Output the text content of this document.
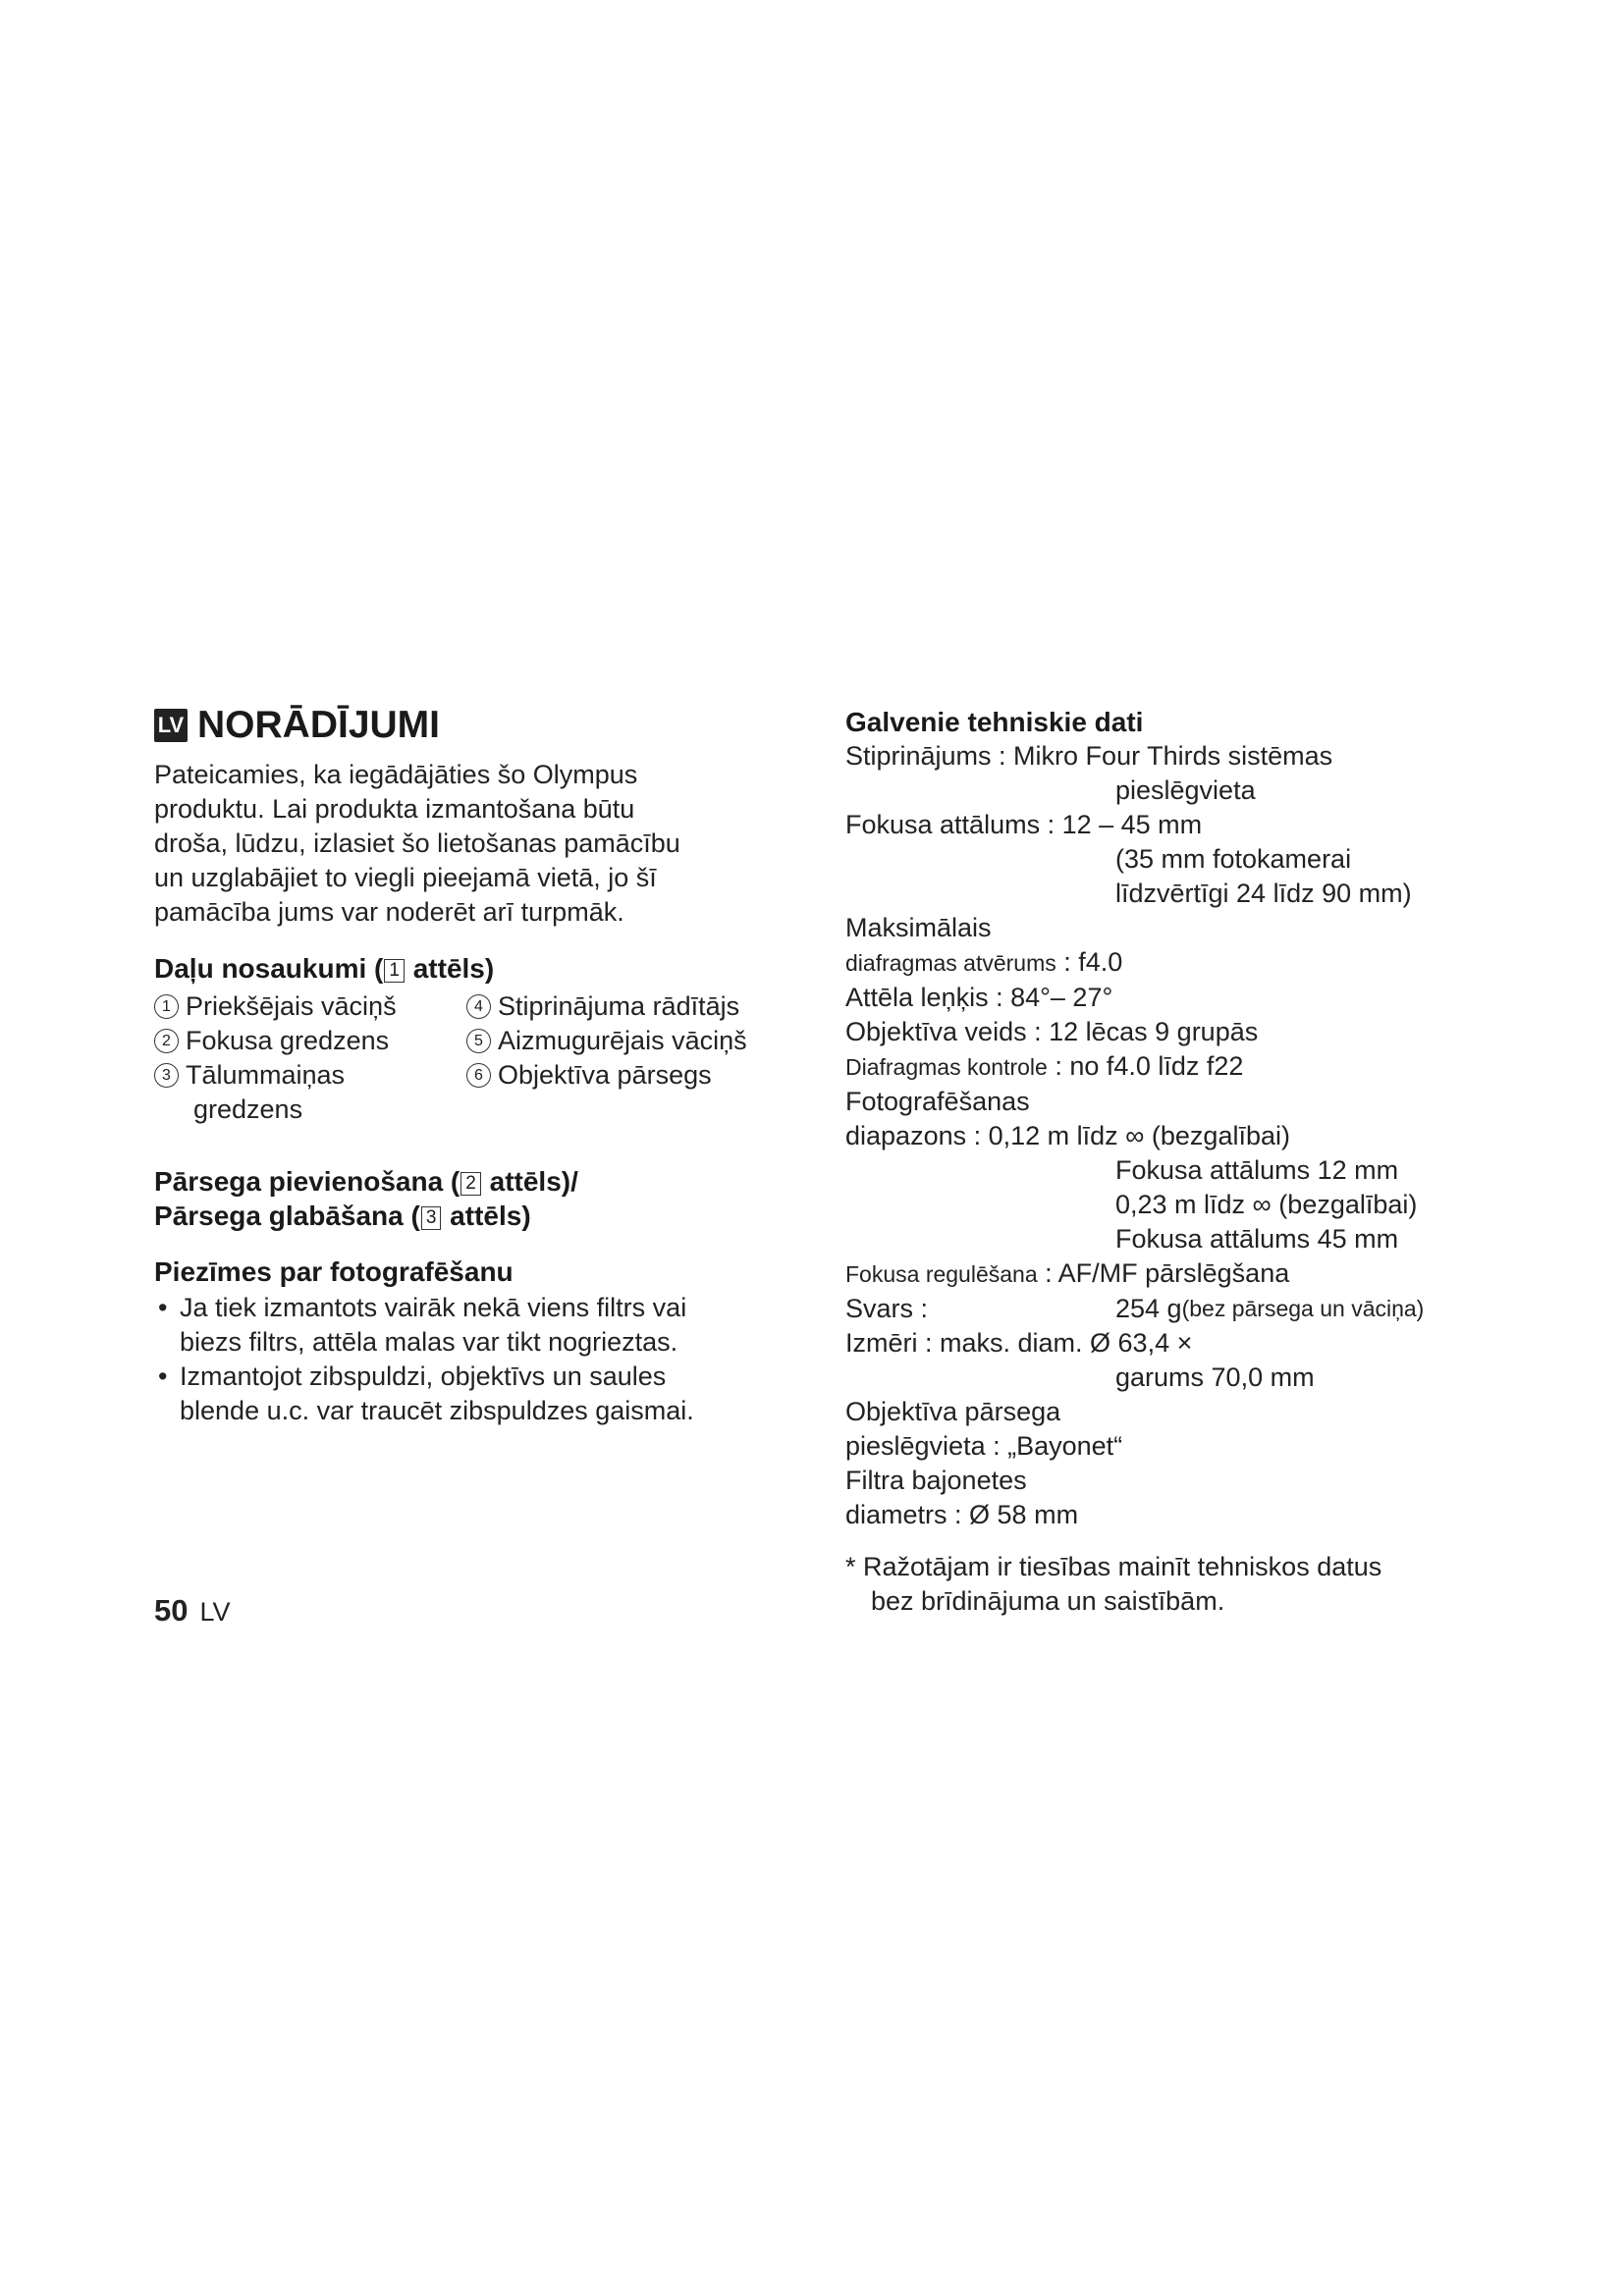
LV NORĀDĪJUMI
Pateicamies, ka iegādājāties šo Olympus
produktu. Lai produkta izmantošana būtu
droša, lūdzu, izlasiet šo lietošanas pamācību
un uzglabājiet to viegli pieejamā vietā, jo šī
pamācība jums var noderēt arī turpmāk.
Daļu nosaukumi ( 1 attēls)
1 Priekšējais vāciņš	4 Stiprinājuma rādītājs
2 Fokusa gredzens	5 Aizmugurējais vāciņš
3 Tālummaiņas	6 Objektīva pārsegs
gredzens
Pārsega pievienošana ( 2 attēls)/
Pārsega glabāšana ( 3 attēls)
Piezīmes par fotografēšanu
• Ja tiek izmantots vairāk nekā viens filtrs vai
biezs filtrs, attēla malas var tikt nogrieztas.
• Izmantojot zibspuldzi, objektīvs un saules
blende u.c. var traucēt zibspuldzes gaismai.
50 LV
Galvenie tehniskie dati
Stiprinājums : Mikro Four Thirds sistēmas
pieslēgvieta
Fokusa attālums : 12 – 45 mm
(35 mm fotokamerai
līdzvērtīgi 24 līdz 90 mm)
Maksimālais
diafragmas atvērums : f4.0
Attēla leņķis : 84°– 27°
Objektīva veids : 12 lēcas 9 grupās
Diafragmas kontrole : no f4.0 līdz f22
Fotografēšanas
diapazons : 0,12 m līdz ∞ (bezgalībai)
Fokusa attālums 12 mm
0,23 m līdz ∞ (bezgalībai)
Fokusa attālums 45 mm
Fokusa regulēšana : AF/MF pārslēgšana
Svars :	254 g (bez pārsega un vāciņa)
Izmēri : maks. diam. Ø 63,4 ×
garums 70,0 mm
Objektīva pārsega
pieslēgvieta : „Bayonet“
Filtra bajonetes
diametrs : Ø 58 mm
* Ražotājam ir tiesības mainīt tehniskos datus
bez brīdinājuma un saistībām.
